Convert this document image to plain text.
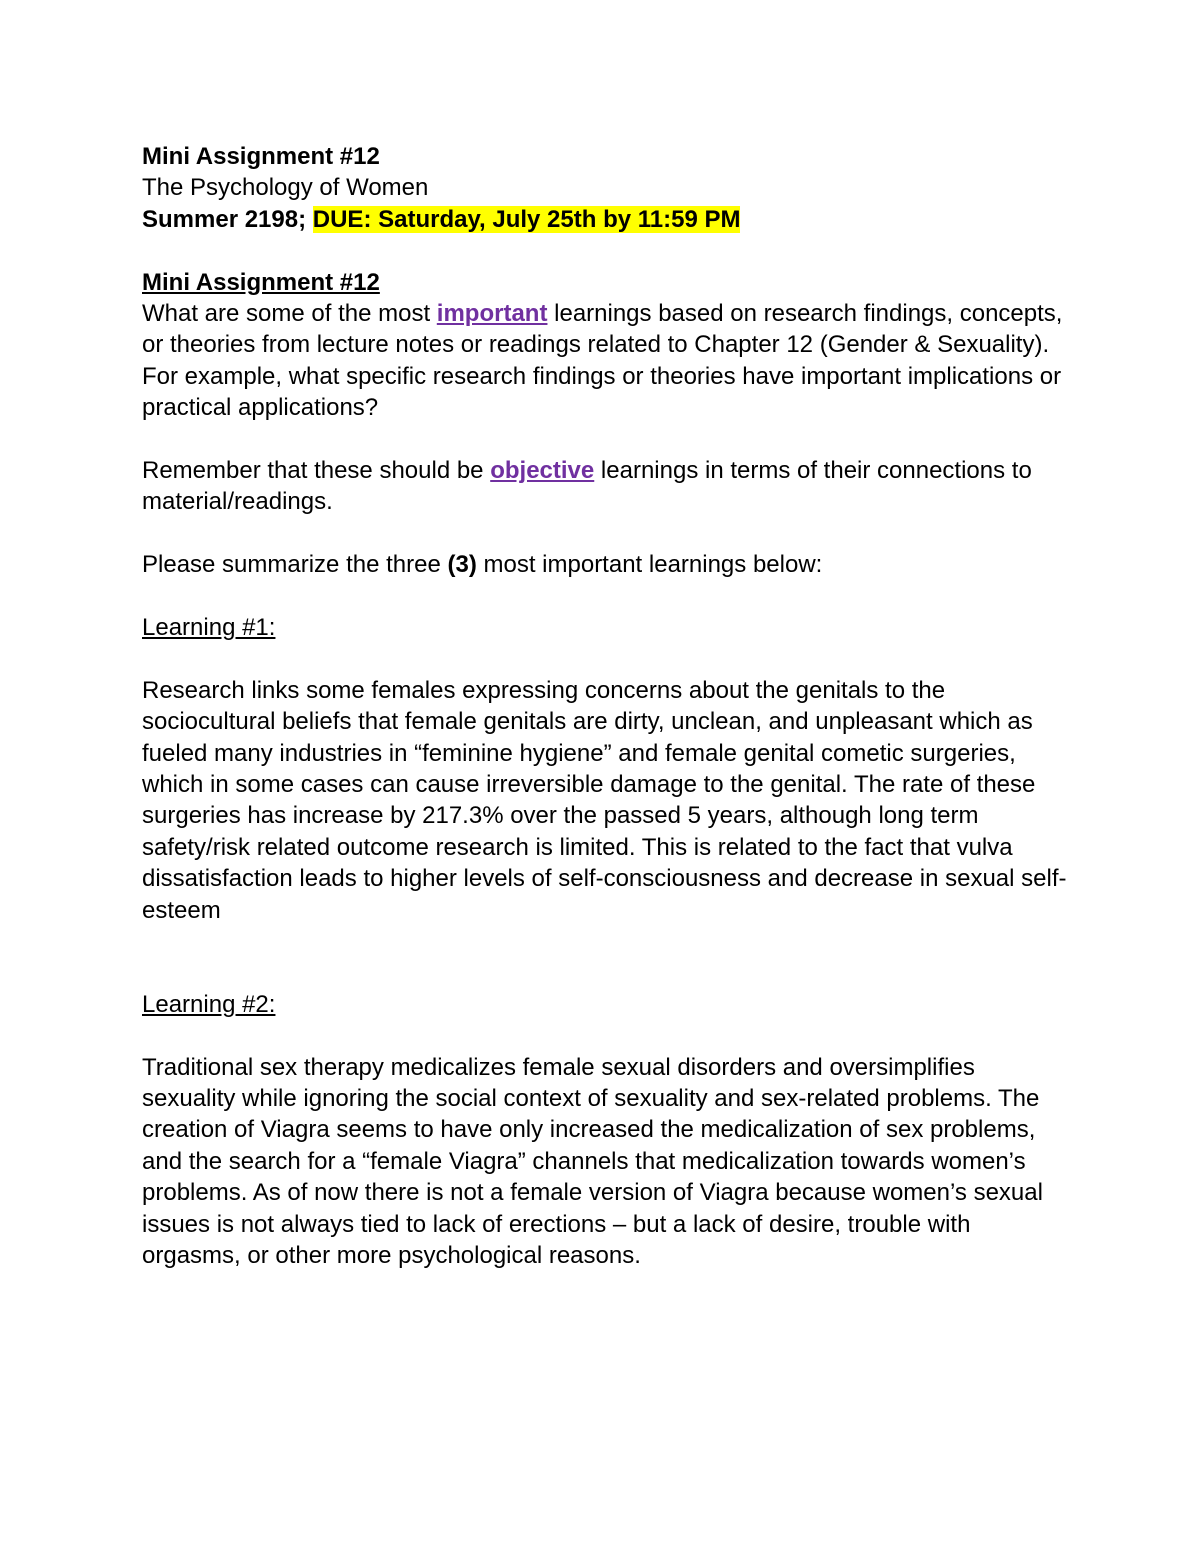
Mini Assignment #12

The Psychology of Women

Summer 2198; DUE: Saturday, July 25th by 11:59 PM

Mini Assignment #12

What are some of the most important learnings based on research findings, concepts, or theories from lecture notes or readings related to Chapter 12 (Gender & Sexuality). For example, what specific research findings or theories have important implications or practical applications?

Remember that these should be objective learnings in terms of their connections to material/readings.

Please summarize the three (3) most important learnings below:

Learning #1:

Research links some females expressing concerns about the genitals to the sociocultural beliefs that female genitals are dirty, unclean, and unpleasant which as fueled many industries in “feminine hygiene” and female genital cometic surgeries, which in some cases can cause irreversible damage to the genital. The rate of these surgeries has increase by 217.3% over the passed 5 years, although long term safety/risk related outcome research is limited. This is related to the fact that vulva dissatisfaction leads to higher levels of self-consciousness and decrease in sexual self-esteem

Learning #2:

Traditional sex therapy medicalizes female sexual disorders and oversimplifies sexuality while ignoring the social context of sexuality and sex-related problems. The creation of Viagra seems to have only increased the medicalization of sex problems, and the search for a “female Viagra” channels that medicalization towards women’s problems. As of now there is not a female version of Viagra because women’s sexual issues is not always tied to lack of erections – but a lack of desire, trouble with orgasms, or other more psychological reasons.
